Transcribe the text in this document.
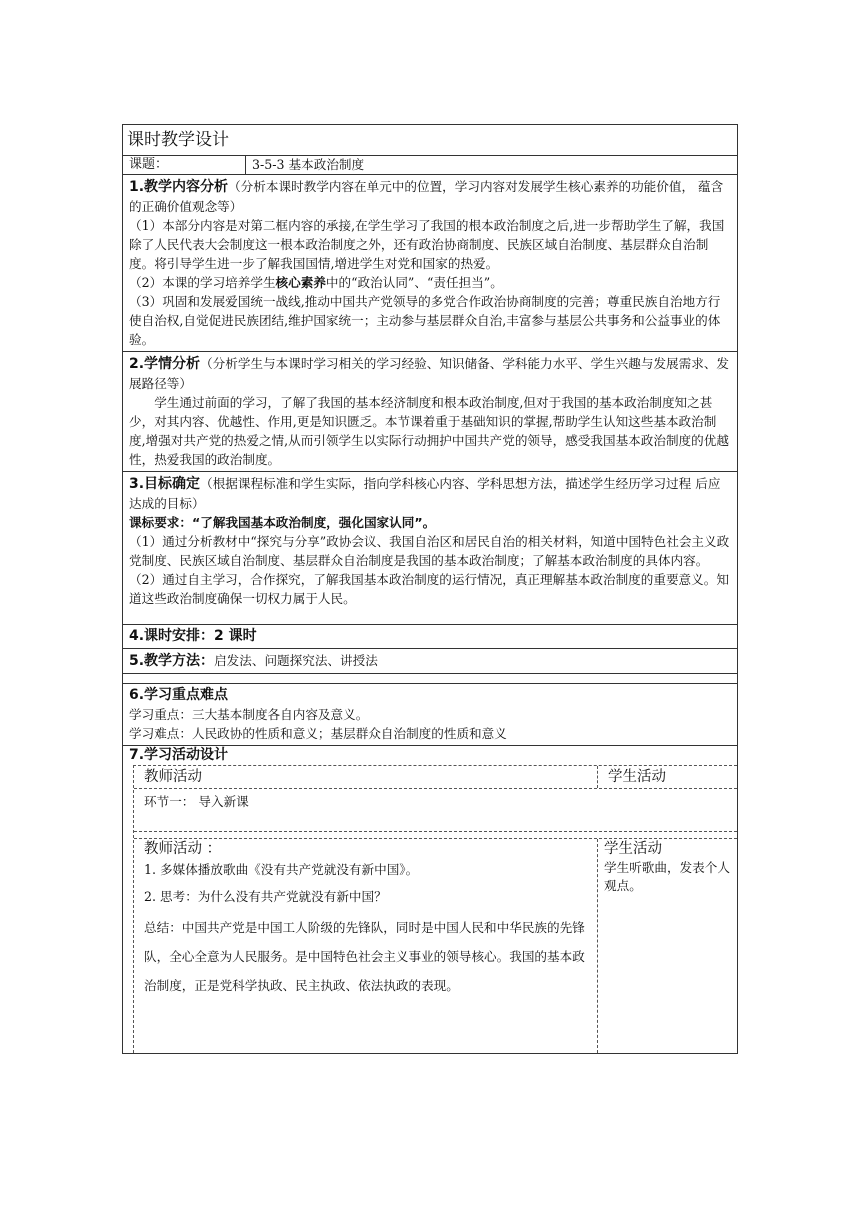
课时教学设计
课题：	3-5-3 基本政治制度

1.教学内容分析（分析本课时教学内容在单元中的位置，学习内容对发展学生核心素养的功能价值， 蕴含的正确价值观念等）

（1）本部分内容是对第二框内容的承接,在学生学习了我国的根本政治制度之后,进一步帮助学生了解，我国除了人民代表大会制度这一根本政治制度之外，还有政治协商制度、民族区域自治制度、基层群众自治制度。将引导学生进一步了解我国国情,增进学生对党和国家的热爱。

（2）本课的学习培养学生核心素养中的“政治认同”、“责任担当”。

（3）巩固和发展爱国统一战线,推动中国共产党领导的多党合作政治协商制度的完善；尊重民族自治地方行使自治权,自觉促进民族团结,维护国家统一；主动参与基层群众自治,丰富参与基层公共事务和公益事业的体验。

2.学情分析（分析学生与本课时学习相关的学习经验、知识储备、学科能力水平、学生兴趣与发展需求、发展路径等）

学生通过前面的学习，了解了我国的基本经济制度和根本政治制度,但对于我国的基本政治制度知之甚少，对其内容、优越性、作用,更是知识匮乏。本节课着重于基础知识的掌握,帮助学生认知这些基本政治制度,增强对共产党的热爱之情,从而引领学生以实际行动拥护中国共产党的领导，感受我国基本政治制度的优越性，热爱我国的政治制度。

3.目标确定（根据课程标准和学生实际，指向学科核心内容、学科思想方法，描述学生经历学习过程 后应达成的目标）

课标要求：“了解我国基本政治制度，强化国家认同”。

（1）通过分析教材中“探究与分享”政协会议、我国自治区和居民自治的相关材料，知道中国特色社会主义政党制度、民族区域自治制度、基层群众自治制度是我国的基本政治制度；了解基本政治制度的具体内容。

（2）通过自主学习，合作探究，了解我国基本政治制度的运行情况，真正理解基本政治制度的重要意义。知道这些政治制度确保一切权力属于人民。

4.课时安排：2 课时

5.教学方法：启发法、问题探究法、讲授法

6.学习重点难点

学习重点：三大基本制度各自内容及意义。

学习难点：人民政协的性质和意义；基层群众自治制度的性质和意义

7.学习活动设计

教师活动	学生活动

环节一： 导入新课

教师活动 ：

1. 多媒体播放歌曲《没有共产党就没有新中国》。

2. 思考：为什么没有共产党就没有新中国？

总结：中国共产党是中国工人阶级的先锋队，同时是中国人民和中华民族的先锋队，全心全意为人民服务。是中国特色社会主义事业的领导核心。我国的基本政治制度，正是党科学执政、民主执政、依法执政的表现。

学生活动

学生听歌曲，发表个人观点。
